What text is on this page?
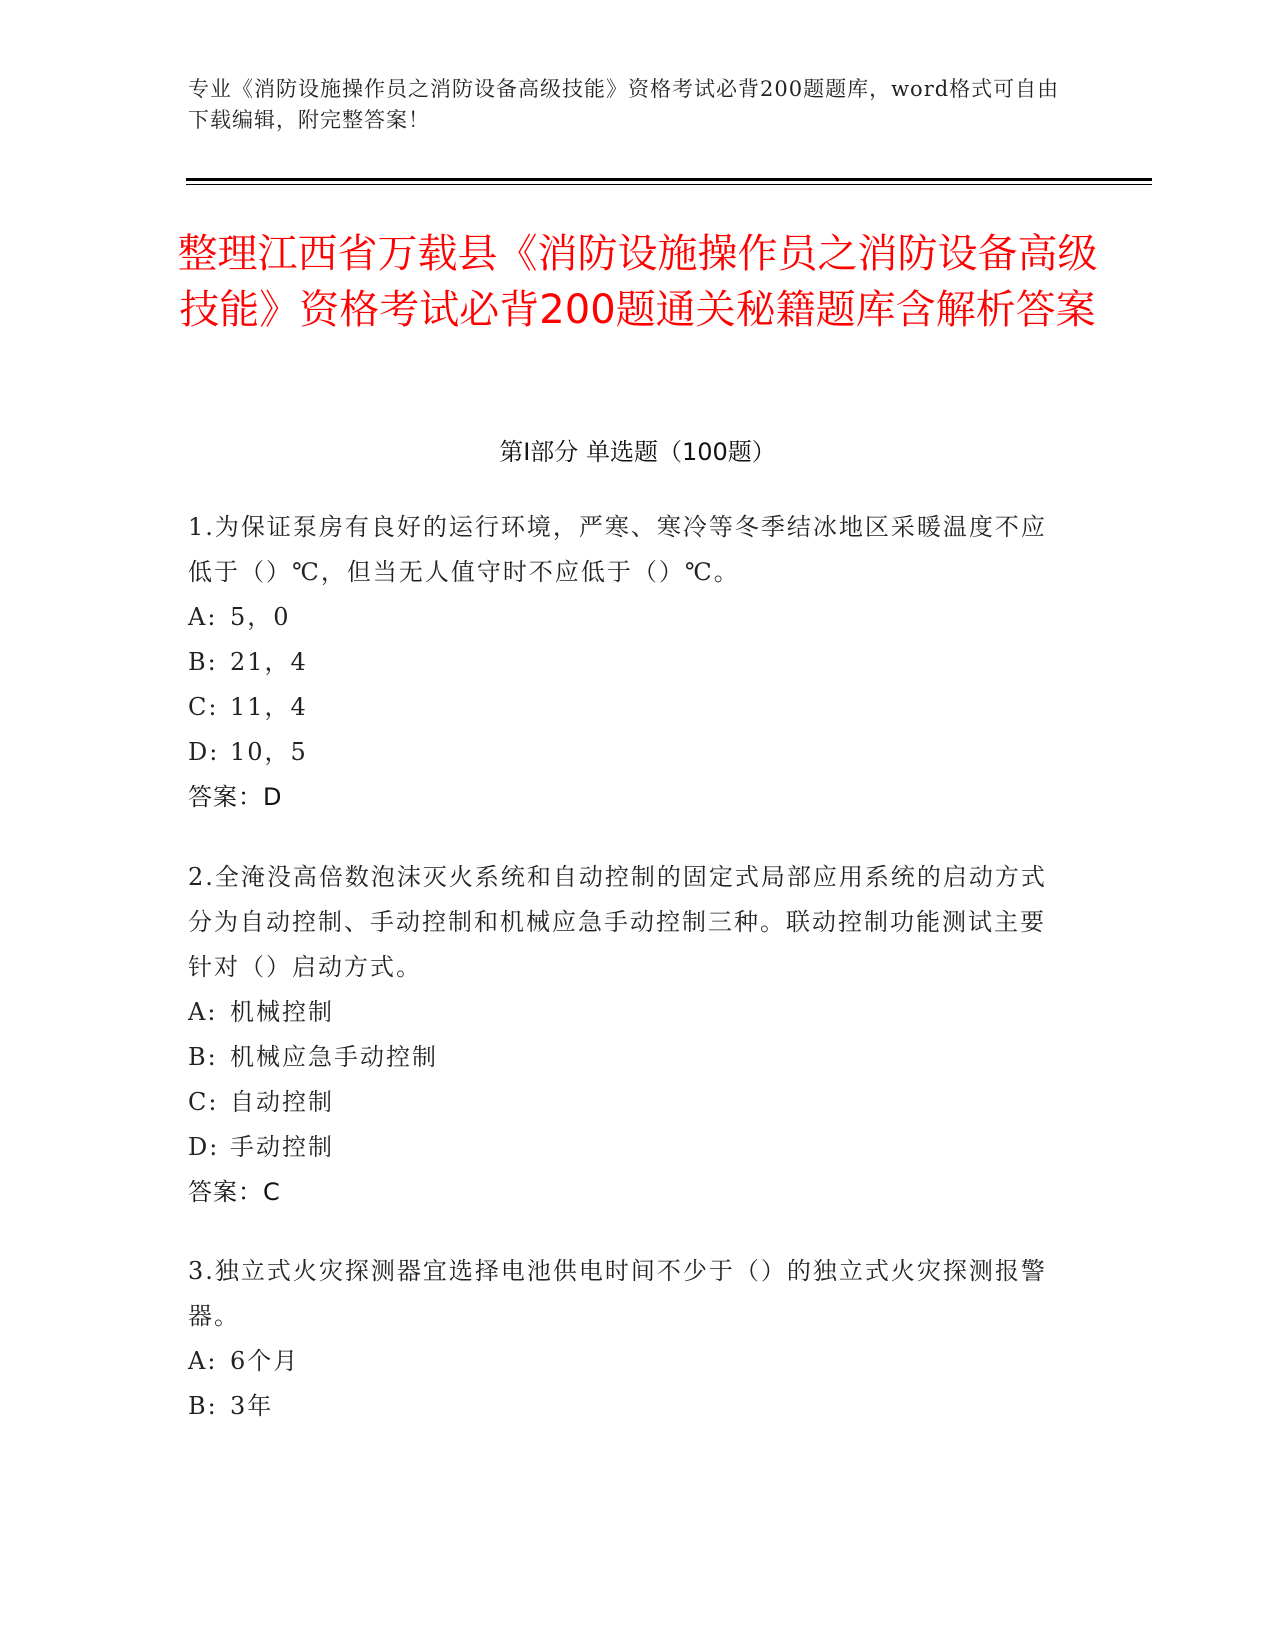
专业《消防设施操作员之消防设备高级技能》资格考试必背200题题库，word格式可自由下载编辑，附完整答案！
整理江西省万载县《消防设施操作员之消防设备高级技能》资格考试必背200题通关秘籍题库含解析答案
第Ⅰ部分 单选题（100题）
1.为保证泵房有良好的运行环境，严寒、寒冷等冬季结冰地区采暖温度不应低于（）℃，但当无人值守时不应低于（）℃。
A: 5，0
B: 21，4
C: 11，4
D: 10，5
答案：D
2.全淹没高倍数泡沫灭火系统和自动控制的固定式局部应用系统的启动方式分为自动控制、手动控制和机械应急手动控制三种。联动控制功能测试主要针对（）启动方式。
A: 机械控制
B: 机械应急手动控制
C: 自动控制
D: 手动控制
答案：C
3.独立式火灾探测器宜选择电池供电时间不少于（）的独立式火灾探测报警器。
A: 6个月
B: 3年
